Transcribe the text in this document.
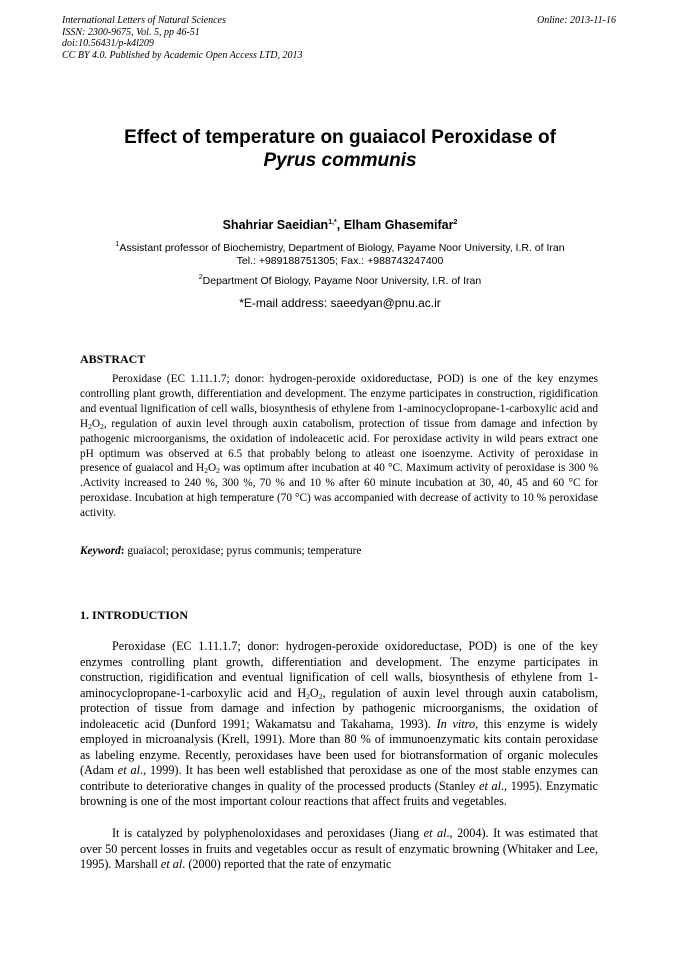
International Letters of Natural Sciences
ISSN: 2300-9675, Vol. 5, pp 46-51
doi:10.56431/p-k4l209
CC BY 4.0. Published by Academic Open Access LTD, 2013
Online: 2013-11-16
Effect of temperature on guaiacol Peroxidase of
Pyrus communis
Shahriar Saeidian$^{1,*}$, Elham Ghasemifar$^2$
$^1$Assistant professor of Biochemistry, Department of Biology, Payame Noor University, I.R. of Iran
Tel.: +989188751305; Fax.: +988743247400
$^2$Department Of Biology, Payame Noor University, I.R. of Iran
*E-mail address: saeedyan@pnu.ac.ir
ABSTRACT

Peroxidase (EC 1.11.1.7; donor: hydrogen-peroxide oxidoreductase, POD) is one of the key enzymes controlling plant growth, differentiation and development. The enzyme participates in construction, rigidification and eventual lignification of cell walls, biosynthesis of ethylene from 1-aminocyclopropane-1-carboxylic acid and $H_2O_2$, regulation of auxin level through auxin catabolism, protection of tissue from damage and infection by pathogenic microorganisms, the oxidation of indoleacetic acid. For peroxidase activity in wild pears extract one pH optimum was observed at 6.5 that probably belong to atleast one isoenzyme. Activity of peroxidase in presence of guaiacol and $H_2O_2$ was optimum after incubation at 40 °C. Maximum activity of peroxidase is 300 % .Activity increased to 240 %, 300 %, 70 % and 10 % after 60 minute incubation at 30, 40, 45 and 60 °C for peroxidase. Incubation at high temperature (70 °C) was accompanied with decrease of activity to 10 % peroxidase activity.

Keyword: guaiacol; peroxidase; pyrus communis; temperature
1. INTRODUCTION

Peroxidase (EC 1.11.1.7; donor: hydrogen-peroxide oxidoreductase, POD) is one of the key enzymes controlling plant growth, differentiation and development. The enzyme participates in construction, rigidification and eventual lignification of cell walls, biosynthesis of ethylene from 1-aminocyclopropane-1-carboxylic acid and $H_2O_2$, regulation of auxin level through auxin catabolism, protection of tissue from damage and infection by pathogenic microorganisms, the oxidation of indoleacetic acid (Dunford 1991; Wakamatsu and Takahama, 1993). In vitro, this enzyme is widely employed in microanalysis (Krell, 1991). More than 80 % of immunoenzymatic kits contain peroxidase as labeling enzyme. Recently, peroxidases have been used for biotransformation of organic molecules (Adam et al., 1999). It has been well established that peroxidase as one of the most stable enzymes can contribute to deteriorative changes in quality of the processed products (Stanley et al., 1995). Enzymatic browning is one of the most important colour reactions that affect fruits and vegetables.

It is catalyzed by polyphenoloxidases and peroxidases (Jiang et al., 2004). It was estimated that over 50 percent losses in fruits and vegetables occur as result of enzymatic browning (Whitaker and Lee, 1995). Marshall et al. (2000) reported that the rate of enzymatic
